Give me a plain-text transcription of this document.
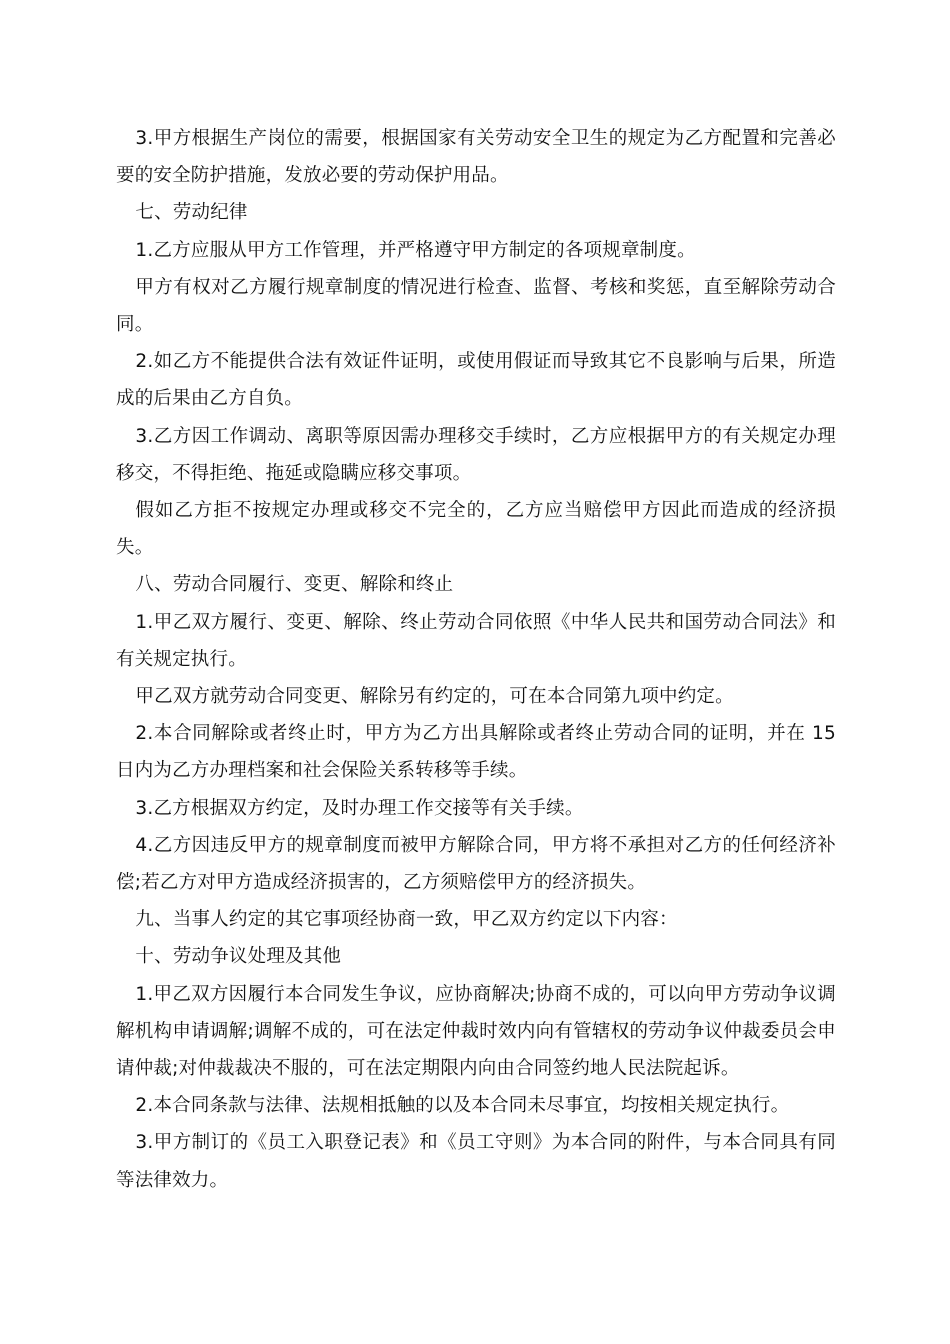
3.甲方根据生产岗位的需要，根据国家有关劳动安全卫生的规定为乙方配置和完善必要的安全防护措施，发放必要的劳动保护用品。

七、劳动纪律

1.乙方应服从甲方工作管理，并严格遵守甲方制定的各项规章制度。

甲方有权对乙方履行规章制度的情况进行检查、监督、考核和奖惩，直至解除劳动合同。

2.如乙方不能提供合法有效证件证明，或使用假证而导致其它不良影响与后果，所造成的后果由乙方自负。

3.乙方因工作调动、离职等原因需办理移交手续时，乙方应根据甲方的有关规定办理移交，不得拒绝、拖延或隐瞒应移交事项。

假如乙方拒不按规定办理或移交不完全的，乙方应当赔偿甲方因此而造成的经济损失。

八、劳动合同履行、变更、解除和终止

1.甲乙双方履行、变更、解除、终止劳动合同依照《中华人民共和国劳动合同法》和有关规定执行。

甲乙双方就劳动合同变更、解除另有约定的，可在本合同第九项中约定。

2.本合同解除或者终止时，甲方为乙方出具解除或者终止劳动合同的证明，并在 15 日内为乙方办理档案和社会保险关系转移等手续。

3.乙方根据双方约定，及时办理工作交接等有关手续。

4.乙方因违反甲方的规章制度而被甲方解除合同，甲方将不承担对乙方的任何经济补偿;若乙方对甲方造成经济损害的，乙方须赔偿甲方的经济损失。

九、当事人约定的其它事项经协商一致，甲乙双方约定以下内容：

十、劳动争议处理及其他

1.甲乙双方因履行本合同发生争议，应协商解决;协商不成的，可以向甲方劳动争议调解机构申请调解;调解不成的，可在法定仲裁时效内向有管辖权的劳动争议仲裁委员会申请仲裁;对仲裁裁决不服的，可在法定期限内向由合同签约地人民法院起诉。

2.本合同条款与法律、法规相抵触的以及本合同未尽事宜，均按相关规定执行。

3.甲方制订的《员工入职登记表》和《员工守则》为本合同的附件，与本合同具有同等法律效力。
